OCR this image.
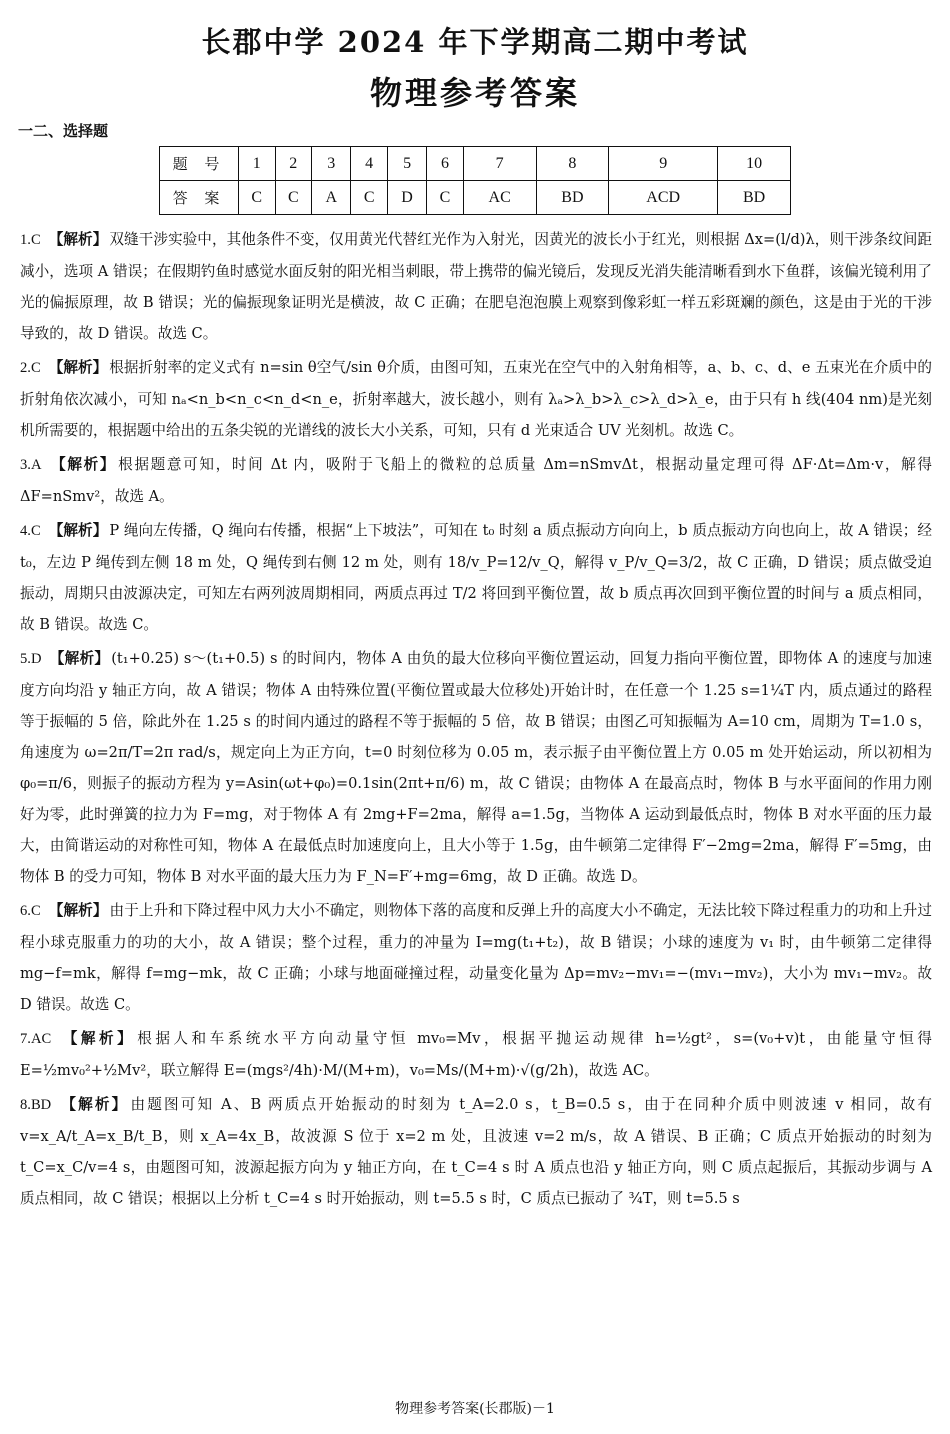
长郡中学 2024 年下学期高二期中考试
物理参考答案
一二、选择题
题 号	1	2	3	4	5	6	7	8	9	10
答 案	C	C	A	C	D	C	AC	BD	ACD	BD
1.C 【解析】 双缝干涉实验中，其他条件不变，仅用黄光代替红光作为入射光，因黄光的波长小于红光，则根据 Δx=(l/d)λ，则干涉条纹间距减小，选项 A 错误；在假期钓鱼时感觉水面反射的阳光相当刺眼，带上携带的偏光镜后，发现反光消失能清晰看到水下鱼群，该偏光镜利用了光的偏振原理，故 B 错误；光的偏振现象证明光是横波，故 C 正确；在肥皂泡泡膜上观察到像彩虹一样五彩斑斓的颜色，这是由于光的干涉导致的，故 D 错误。故选 C。
2.C 【解析】 根据折射率的定义式有 n=sin θ空气/sin θ介质，由图可知，五束光在空气中的入射角相等，a、b、c、d、e 五束光在介质中的折射角依次减小，可知 nₐ<n_b<n_c<n_d<n_e，折射率越大，波长越小，则有 λₐ>λ_b>λ_c>λ_d>λ_e，由于只有 h 线(404 nm)是光刻机所需要的，根据题中给出的五条尖锐的光谱线的波长大小关系，可知，只有 d 光束适合 UV 光刻机。故选 C。
3.A 【解析】 根据题意可知，时间 Δt 内，吸附于飞船上的微粒的总质量 Δm=nSmvΔt，根据动量定理可得 ΔF·Δt=Δm·v，解得 ΔF=nSmv²，故选 A。
4.C 【解析】 P 绳向左传播，Q 绳向右传播，根据“上下坡法”，可知在 t₀ 时刻 a 质点振动方向向上，b 质点振动方向也向上，故 A 错误；经 t₀，左边 P 绳传到左侧 18 m 处，Q 绳传到右侧 12 m 处，则有 18/v_P=12/v_Q，解得 v_P/v_Q=3/2，故 C 正确，D 错误；质点做受迫振动，周期只由波源决定，可知左右两列波周期相同，两质点再过 T/2 将回到平衡位置，故 b 质点再次回到平衡位置的时间与 a 质点相同，故 B 错误。故选 C。
5.D 【解析】 (t₁+0.25) s～(t₁+0.5) s 的时间内，物体 A 由负的最大位移向平衡位置运动，回复力指向平衡位置，即物体 A 的速度与加速度方向均沿 y 轴正方向，故 A 错误；物体 A 由特殊位置(平衡位置或最大位移处)开始计时，在任意一个 1.25 s=1¼T 内，质点通过的路程等于振幅的 5 倍，除此外在 1.25 s 的时间内通过的路程不等于振幅的 5 倍，故 B 错误；由图乙可知振幅为 A=10 cm，周期为 T=1.0 s，角速度为 ω=2π/T=2π rad/s，规定向上为正方向，t=0 时刻位移为 0.05 m，表示振子由平衡位置上方 0.05 m 处开始运动，所以初相为 φ₀=π/6，则振子的振动方程为 y=Asin(ωt+φ₀)=0.1sin(2πt+π/6) m，故 C 错误；由物体 A 在最高点时，物体 B 与水平面间的作用力刚好为零，此时弹簧的拉力为 F=mg，对于物体 A 有 2mg+F=2ma，解得 a=1.5g，当物体 A 运动到最低点时，物体 B 对水平面的压力最大，由简谐运动的对称性可知，物体 A 在最低点时加速度向上，且大小等于 1.5g，由牛顿第二定律得 F′−2mg=2ma，解得 F′=5mg，由物体 B 的受力可知，物体 B 对水平面的最大压力为 F_N=F′+mg=6mg，故 D 正确。故选 D。
6.C 【解析】 由于上升和下降过程中风力大小不确定，则物体下落的高度和反弹上升的高度大小不确定，无法比较下降过程重力的功和上升过程小球克服重力的功的大小，故 A 错误；整个过程，重力的冲量为 I=mg(t₁+t₂)，故 B 错误；小球的速度为 v₁ 时，由牛顿第二定律得 mg−f=mk，解得 f=mg−mk，故 C 正确；小球与地面碰撞过程，动量变化量为 Δp=mv₂−mv₁=−(mv₁−mv₂)，大小为 mv₁−mv₂。故 D 错误。故选 C。
7.AC 【解析】 根据人和车系统水平方向动量守恒 mv₀=Mv，根据平抛运动规律 h=½gt²，s=(v₀+v)t，由能量守恒得 E=½mv₀²+½Mv²，联立解得 E=(mgs²/4h)·M/(M+m)，v₀=Ms/(M+m)·√(g/2h)，故选 AC。
8.BD 【解析】 由题图可知 A、B 两质点开始振动的时刻为 t_A=2.0 s，t_B=0.5 s，由于在同种介质中则波速 v 相同，故有 v=x_A/t_A=x_B/t_B，则 x_A=4x_B，故波源 S 位于 x=2 m 处，且波速 v=2 m/s，故 A 错误、B 正确；C 质点开始振动的时刻为 t_C=x_C/v=4 s，由题图可知，波源起振方向为 y 轴正方向，在 t_C=4 s 时 A 质点也沿 y 轴正方向，则 C 质点起振后，其振动步调与 A 质点相同，故 C 错误；根据以上分析 t_C=4 s 时开始振动，则 t=5.5 s 时，C 质点已振动了 ¾T，则 t=5.5 s
物理参考答案(长郡版)－1
